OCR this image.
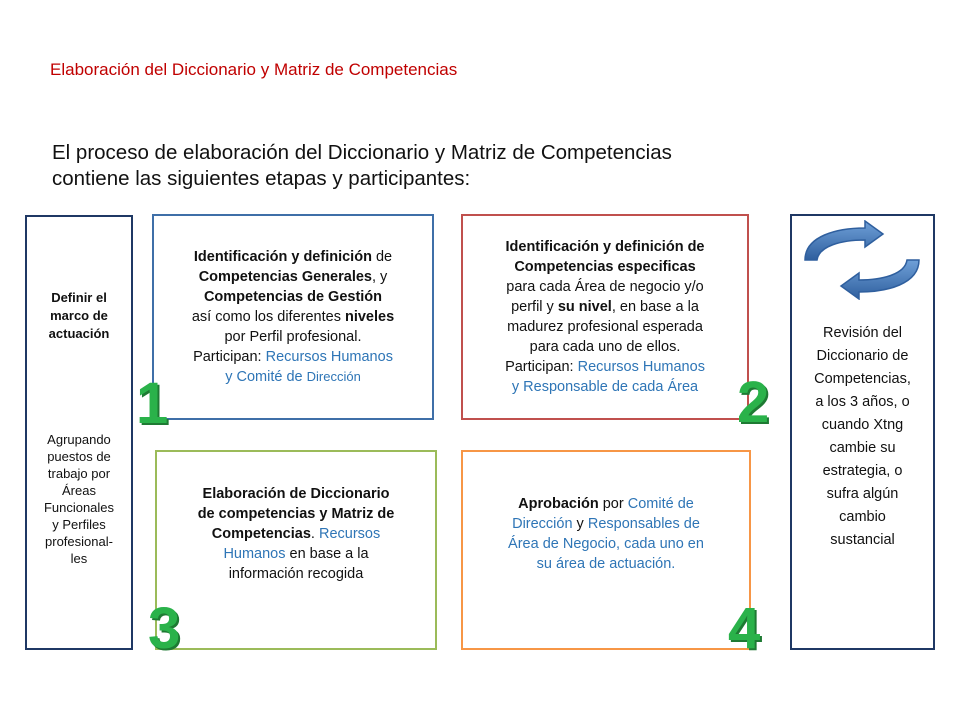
Elaboración del Diccionario y Matriz de Competencias
El proceso de elaboración del Diccionario y Matriz de Competencias
contiene las siguientes etapas y participantes:
Definir el
marco de
actuación
Agrupando
puestos de
trabajo por
Áreas
Funcionales
y Perfiles
profesional-
les
Identificación y definición de
Competencias Generales, y
Competencias de Gestión
así como los diferentes niveles
por Perfil profesional.
Participan: Recursos Humanos
y Comité de Dirección
Identificación y definición de
Competencias especificas
para cada Área de negocio y/o
perfil y su nivel, en base a la
madurez profesional esperada
para cada uno de ellos.
Participan: Recursos Humanos
y Responsable de cada Área
Elaboración de Diccionario
de competencias y Matriz de
Competencias. Recursos
Humanos en base a la
información recogida
Aprobación por Comité de
Dirección y Responsables de
Área de Negocio, cada uno en
su área de actuación.
Revisión del
Diccionario de
Competencias,
a los 3 años, o
cuando Xtng
cambie su
estrategia, o
sufra algún
cambio
sustancial
1	2
3	4
